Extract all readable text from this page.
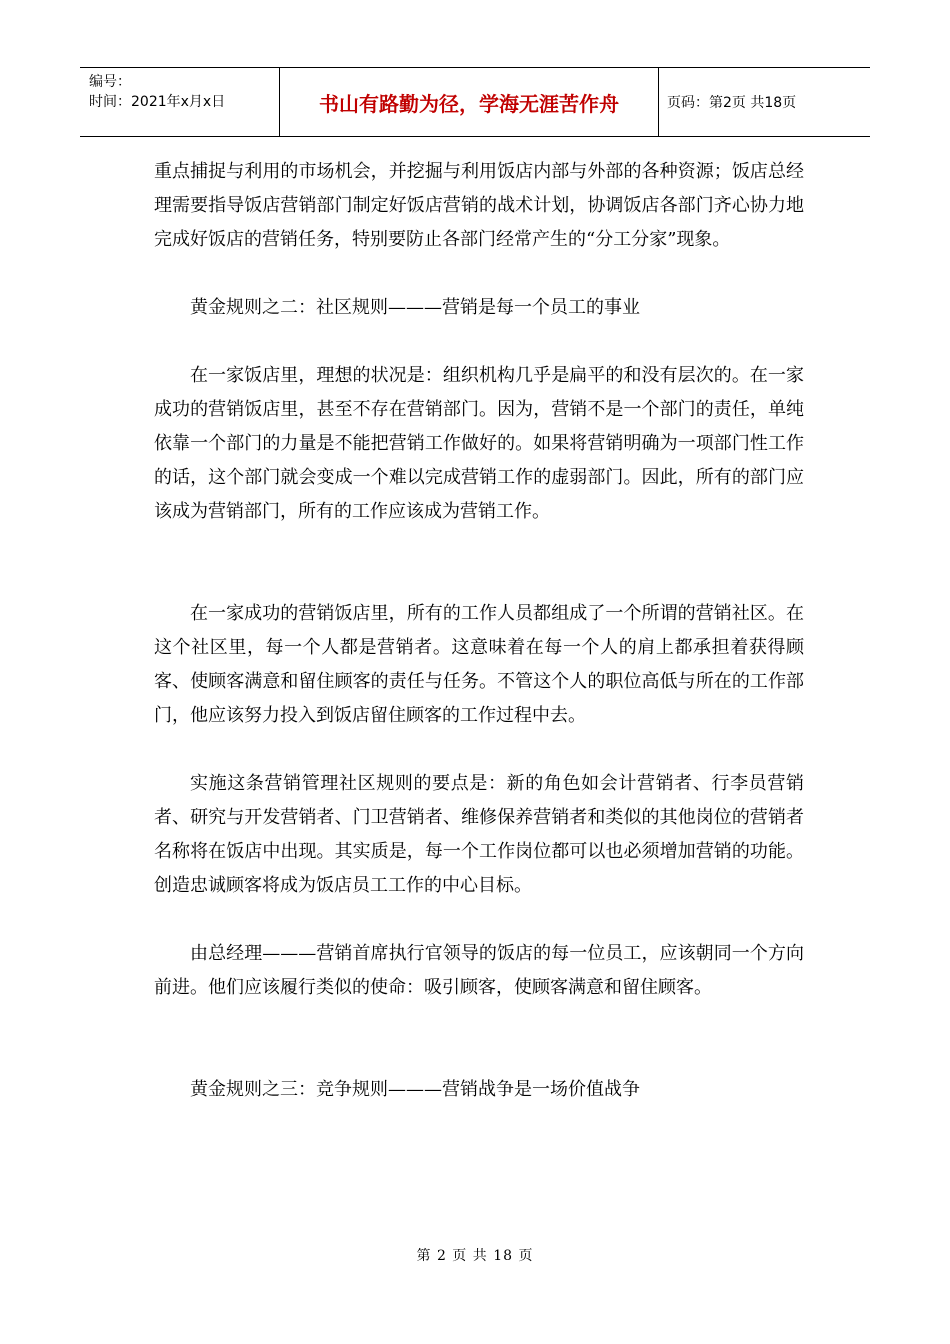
编号：
时间：2021年x月x日	书山有路勤为径，学海无涯苦作舟	页码：第2页 共18页

重点捕捉与利用的市场机会，并挖掘与利用饭店内部与外部的各种资源；饭店总经理需要指导饭店营销部门制定好饭店营销的战术计划，协调饭店各部门齐心协力地完成好饭店的营销任务，特别要防止各部门经常产生的“分工分家”现象。

黄金规则之二：社区规则———营销是每一个员工的事业

在一家饭店里，理想的状况是：组织机构几乎是扁平的和没有层次的。在一家成功的营销饭店里，甚至不存在营销部门。因为，营销不是一个部门的责任，单纯依靠一个部门的力量是不能把营销工作做好的。如果将营销明确为一项部门性工作的话，这个部门就会变成一个难以完成营销工作的虚弱部门。因此，所有的部门应该成为营销部门，所有的工作应该成为营销工作。

在一家成功的营销饭店里，所有的工作人员都组成了一个所谓的营销社区。在这个社区里，每一个人都是营销者。这意味着在每一个人的肩上都承担着获得顾客、使顾客满意和留住顾客的责任与任务。不管这个人的职位高低与所在的工作部门，他应该努力投入到饭店留住顾客的工作过程中去。

实施这条营销管理社区规则的要点是：新的角色如会计营销者、行李员营销者、研究与开发营销者、门卫营销者、维修保养营销者和类似的其他岗位的营销者名称将在饭店中出现。其实质是，每一个工作岗位都可以也必须增加营销的功能。创造忠诚顾客将成为饭店员工工作的中心目标。

由总经理———营销首席执行官领导的饭店的每一位员工，应该朝同一个方向前进。他们应该履行类似的使命：吸引顾客，使顾客满意和留住顾客。

黄金规则之三：竞争规则———营销战争是一场价值战争

第 2 页 共 18 页
